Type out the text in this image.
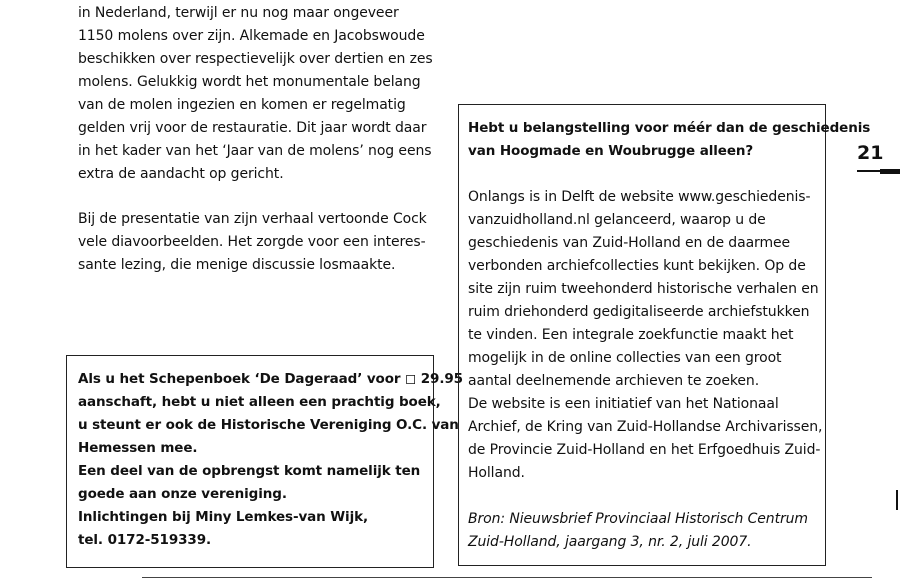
in Nederland, terwijl er nu nog maar ongeveer
1150 molens over zijn. Alkemade en Jacobswoude
beschikken over respectievelijk over dertien en zes
molens. Gelukkig wordt het monumentale belang
van de molen ingezien en komen er regelmatig
gelden vrij voor de restauratie. Dit jaar wordt daar
in het kader van het ‘Jaar van de molens’ nog eens
extra de aandacht op gericht.
Bij de presentatie van zijn verhaal vertoonde Cock
vele diavoorbeelden. Het zorgde voor een interes-
sante lezing, die menige discussie losmaakte.
Als u het Schepenboek ‘De Dageraad’ voor ◻ 29.95
aanschaft, hebt u niet alleen een prachtig boek,
u steunt er ook de Historische Vereniging O.C. van
Hemessen mee.
Een deel van de opbrengst komt namelijk ten
goede aan onze vereniging.
Inlichtingen bij Miny Lemkes-van Wijk,
tel. 0172-519339.
Hebt u belangstelling voor méér dan de geschiedenis
van Hoogmade en Woubrugge alleen?
Onlangs is in Delft de website www.geschiedenis-
vanzuidholland.nl gelanceerd, waarop u de
geschiedenis van Zuid-Holland en de daarmee
verbonden archiefcollecties kunt bekijken. Op de
site zijn ruim tweehonderd historische verhalen en
ruim driehonderd gedigitaliseerde archiefstukken
te vinden. Een integrale zoekfunctie maakt het
mogelijk in de online collecties van een groot
aantal deelnemende archieven te zoeken.
De website is een initiatief van het Nationaal
Archief, de Kring van Zuid-Hollandse Archivarissen,
de Provincie Zuid-Holland en het Erfgoedhuis Zuid-
Holland.
Bron: Nieuwsbrief Provinciaal Historisch Centrum
Zuid-Holland, jaargang 3, nr. 2, juli 2007.
21
